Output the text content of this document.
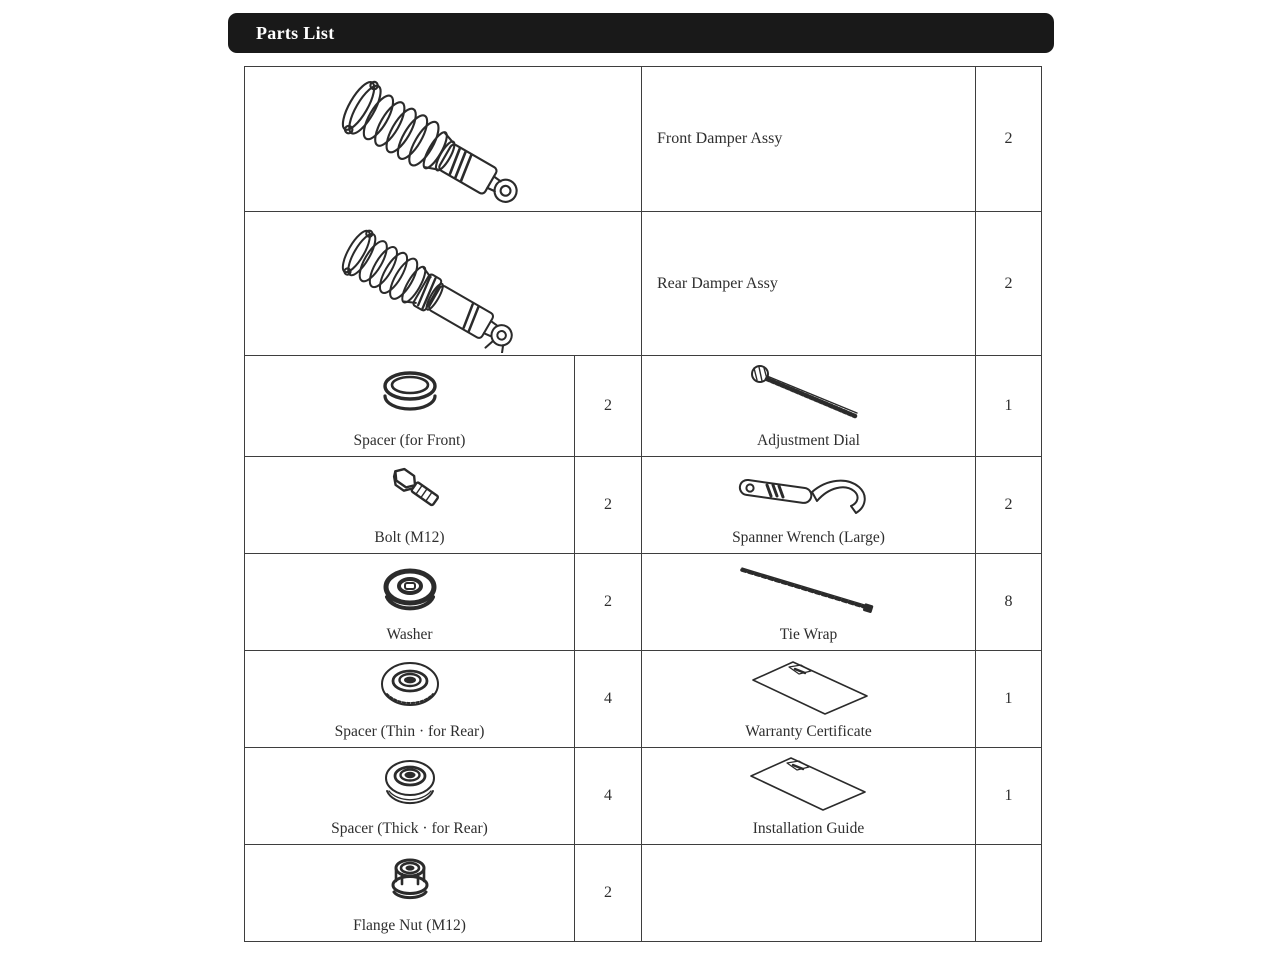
Parts List
Front Damper Assy	2
Rear Damper Assy	2
Spacer (for Front)
2
Adjustment Dial
1
Bolt (M12)
2
Spanner Wrench (Large)
2
Washer
2
Tie Wrap
8
Spacer (Thin · for Rear)
4
Warranty Certificate
1
Spacer (Thick · for Rear)
4
Installation Guide
1
Flange Nut (M12)
2
